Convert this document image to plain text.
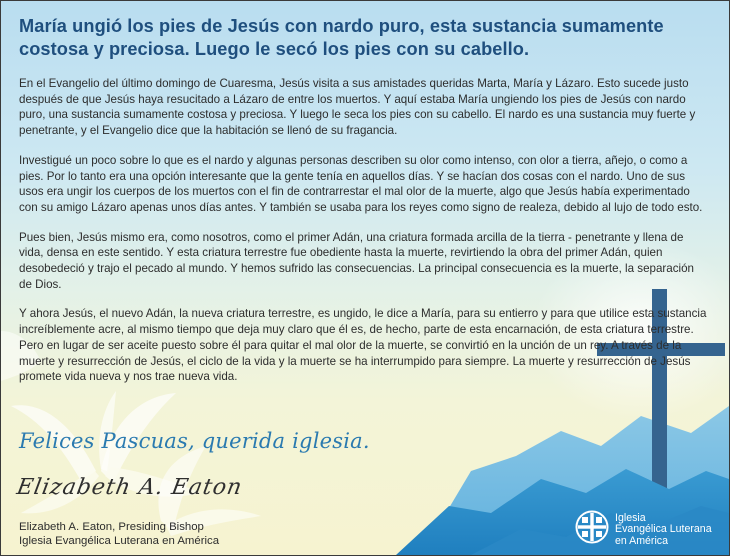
María ungió los pies de Jesús con nardo puro, esta sustancia sumamente costosa y preciosa. Luego le secó los pies con su cabello.

En el Evangelio del último domingo de Cuaresma, Jesús visita a sus amistades queridas Marta, María y Lázaro. Esto sucede justo después de que Jesús haya resucitado a Lázaro de entre los muertos. Y aquí estaba María ungiendo los pies de Jesús con nardo puro, una sustancia sumamente costosa y preciosa. Y luego le seca los pies con su cabello. El nardo es una sustancia muy fuerte y penetrante, y el Evangelio dice que la habitación se llenó de su fragancia.

Investigué un poco sobre lo que es el nardo y algunas personas describen su olor como intenso, con olor a tierra, añejo, o como a pies. Por lo tanto era una opción interesante que la gente tenía en aquellos días. Y se hacían dos cosas con el nardo. Uno de sus usos era ungir los cuerpos de los muertos con el fin de contrarrestar el mal olor de la muerte, algo que Jesús había experimentado con su amigo Lázaro apenas unos días antes. Y también se usaba para los reyes como signo de realeza, debido al lujo de todo esto.

Pues bien, Jesús mismo era, como nosotros, como el primer Adán, una criatura formada arcilla de la tierra - penetrante y llena de vida, densa en este sentido. Y esta criatura terrestre fue obediente hasta la muerte, revirtiendo la obra del primer Adán, quien desobedeció y trajo el pecado al mundo. Y hemos sufrido las consecuencias. La principal consecuencia es la muerte, la separación de Dios.

Y ahora Jesús, el nuevo Adán, la nueva criatura terrestre, es ungido, le dice a María, para su entierro y para que utilice esta sustancia increíblemente acre, al mismo tiempo que deja muy claro que él es, de hecho, parte de esta encarnación, de esta criatura terrestre. Pero en lugar de ser aceite puesto sobre él para quitar el mal olor de la muerte, se convirtió en la unción de un rey. A través de la muerte y resurrección de Jesús, el ciclo de la vida y la muerte se ha interrumpido para siempre. La muerte y resurrección de Jesús promete vida nueva y nos trae nueva vida.

Felices Pascuas, querida iglesia.

Elizabeth A. Eaton

Elizabeth A. Eaton, Presiding Bishop

Iglesia Evangélica Luterana en América

Iglesia
Evangélica Luterana
en América
